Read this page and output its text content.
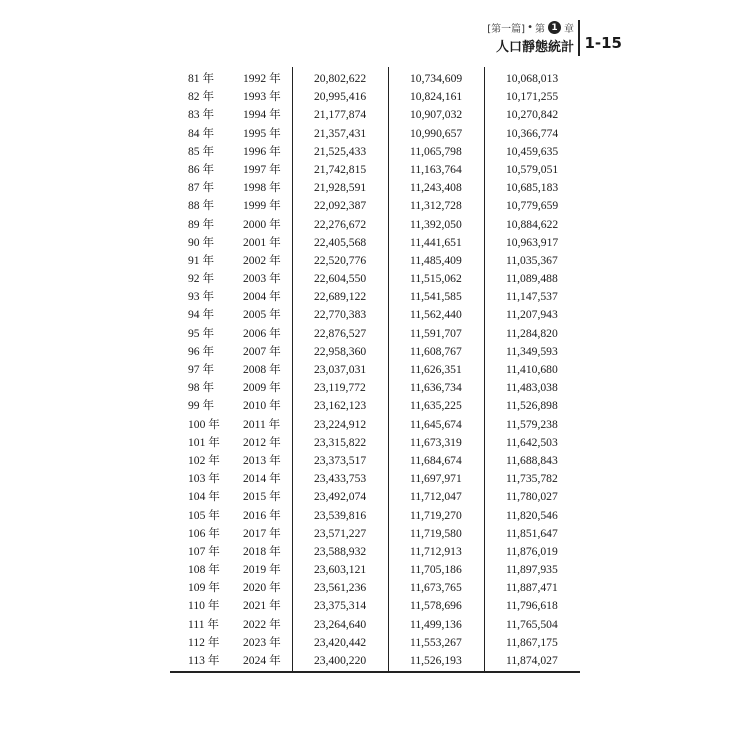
[第一篇] • 第 1 章
人口靜態統計 1-15
81 年 1992 年	20,802,622	10,734,609	10,068,013
82 年 1993 年	20,995,416	10,824,161	10,171,255
83 年 1994 年	21,177,874	10,907,032	10,270,842
84 年 1995 年	21,357,431	10,990,657	10,366,774
85 年 1996 年	21,525,433	11,065,798	10,459,635
86 年 1997 年	21,742,815	11,163,764	10,579,051
87 年 1998 年	21,928,591	11,243,408	10,685,183
88 年 1999 年	22,092,387	11,312,728	10,779,659
89 年 2000 年	22,276,672	11,392,050	10,884,622
90 年 2001 年	22,405,568	11,441,651	10,963,917
91 年 2002 年	22,520,776	11,485,409	11,035,367
92 年 2003 年	22,604,550	11,515,062	11,089,488
93 年 2004 年	22,689,122	11,541,585	11,147,537
94 年 2005 年	22,770,383	11,562,440	11,207,943
95 年 2006 年	22,876,527	11,591,707	11,284,820
96 年 2007 年	22,958,360	11,608,767	11,349,593
97 年 2008 年	23,037,031	11,626,351	11,410,680
98 年 2009 年	23,119,772	11,636,734	11,483,038
99 年 2010 年	23,162,123	11,635,225	11,526,898
100 年 2011 年	23,224,912	11,645,674	11,579,238
101 年 2012 年	23,315,822	11,673,319	11,642,503
102 年 2013 年	23,373,517	11,684,674	11,688,843
103 年 2014 年	23,433,753	11,697,971	11,735,782
104 年 2015 年	23,492,074	11,712,047	11,780,027
105 年 2016 年	23,539,816	11,719,270	11,820,546
106 年 2017 年	23,571,227	11,719,580	11,851,647
107 年 2018 年	23,588,932	11,712,913	11,876,019
108 年 2019 年	23,603,121	11,705,186	11,897,935
109 年 2020 年	23,561,236	11,673,765	11,887,471
110 年 2021 年	23,375,314	11,578,696	11,796,618
111 年 2022 年	23,264,640	11,499,136	11,765,504
112 年 2023 年	23,420,442	11,553,267	11,867,175
113 年 2024 年	23,400,220	11,526,193	11,874,027
